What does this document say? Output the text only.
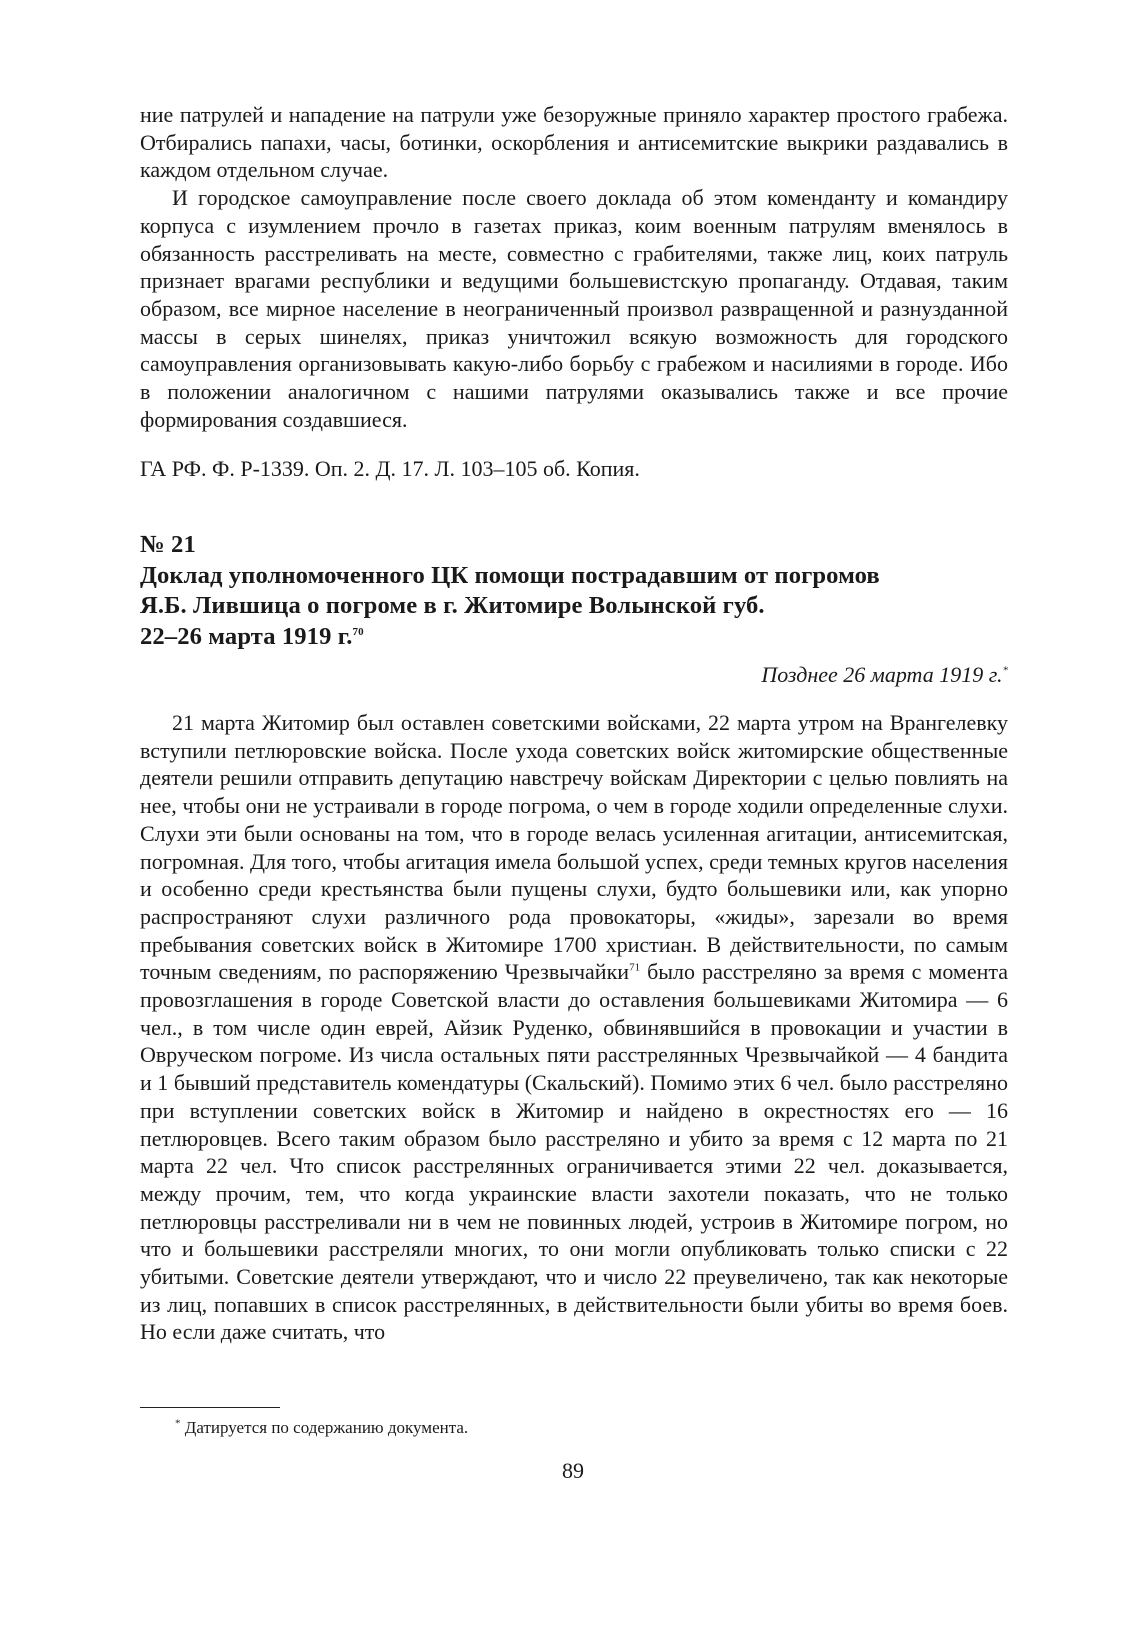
ние патрулей и нападение на патрули уже безоружные приняло характер простого грабежа. Отбирались папахи, часы, ботинки, оскорбления и антисемитские выкрики раздавались в каждом отдельном случае.

И городское самоуправление после своего доклада об этом коменданту и командиру корпуса с изумлением прочло в газетах приказ, коим военным патрулям вменялось в обязанность расстреливать на месте, совместно с грабителями, также лиц, коих патруль признает врагами республики и ведущими большевистскую пропаганду. Отдавая, таким образом, все мирное население в неограниченный произвол развращенной и разнузданной массы в серых шинелях, приказ уничтожил всякую возможность для городского самоуправления организовывать какую-либо борьбу с грабежом и насилиями в городе. Ибо в положении аналогичном с нашими патрулями оказывались также и все прочие формирования создавшиеся.

ГА РФ. Ф. Р-1339. Оп. 2. Д. 17. Л. 103–105 об. Копия.

№ 21

Доклад уполномоченного ЦК помощи пострадавшим от погромов

Я.Б. Лившица о погроме в г. Житомире Волынской губ.

22–26 марта 1919 г.$^{70}$

Позднее 26 марта 1919 г.*

21 марта Житомир был оставлен советскими войсками, 22 марта утром на Врангелевку вступили петлюровские войска. После ухода советских войск житомирские общественные деятели решили отправить депутацию навстречу войскам Директории с целью повлиять на нее, чтобы они не устраивали в городе погрома, о чем в городе ходили определенные слухи. Слухи эти были основаны на том, что в городе велась усиленная агитации, антисемитская, погромная. Для того, чтобы агитация имела большой успех, среди темных кругов населения и особенно среди крестьянства были пущены слухи, будто большевики или, как упорно распространяют слухи различного рода провокаторы, «жиды», зарезали во время пребывания советских войск в Житомире 1700 христиан. В действительности, по самым точным сведениям, по распоряжению Чрезвычайки$^{71}$ было расстреляно за время с момента провозглашения в городе Советской власти до оставления большевиками Житомира — 6 чел., в том числе один еврей, Айзик Руденко, обвинявшийся в провокации и участии в Овручеcком погроме. Из числа остальных пяти расстрелянных Чрезвычайкой — 4 бандита и 1 бывший представитель комендатуры (Скальский). Помимо этих 6 чел. было расстреляно при вступлении советских войск в Житомир и найдено в окрестностях его — 16 петлюровцев. Всего таким образом было расстреляно и убито за время с 12 марта по 21 марта 22 чел. Что список расстрелянных ограничивается этими 22 чел. доказывается, между прочим, тем, что когда украинские власти захотели показать, что не только петлюровцы расстреливали ни в чем не повинных людей, устроив в Житомире погром, но что и большевики расстреляли многих, то они могли опубликовать только списки с 22 убитыми. Советские деятели утверждают, что и число 22 преувеличено, так как некоторые из лиц, попавших в список расстрелянных, в действительности были убиты во время боев. Но если даже считать, что

* Датируется по содержанию документа.
89
